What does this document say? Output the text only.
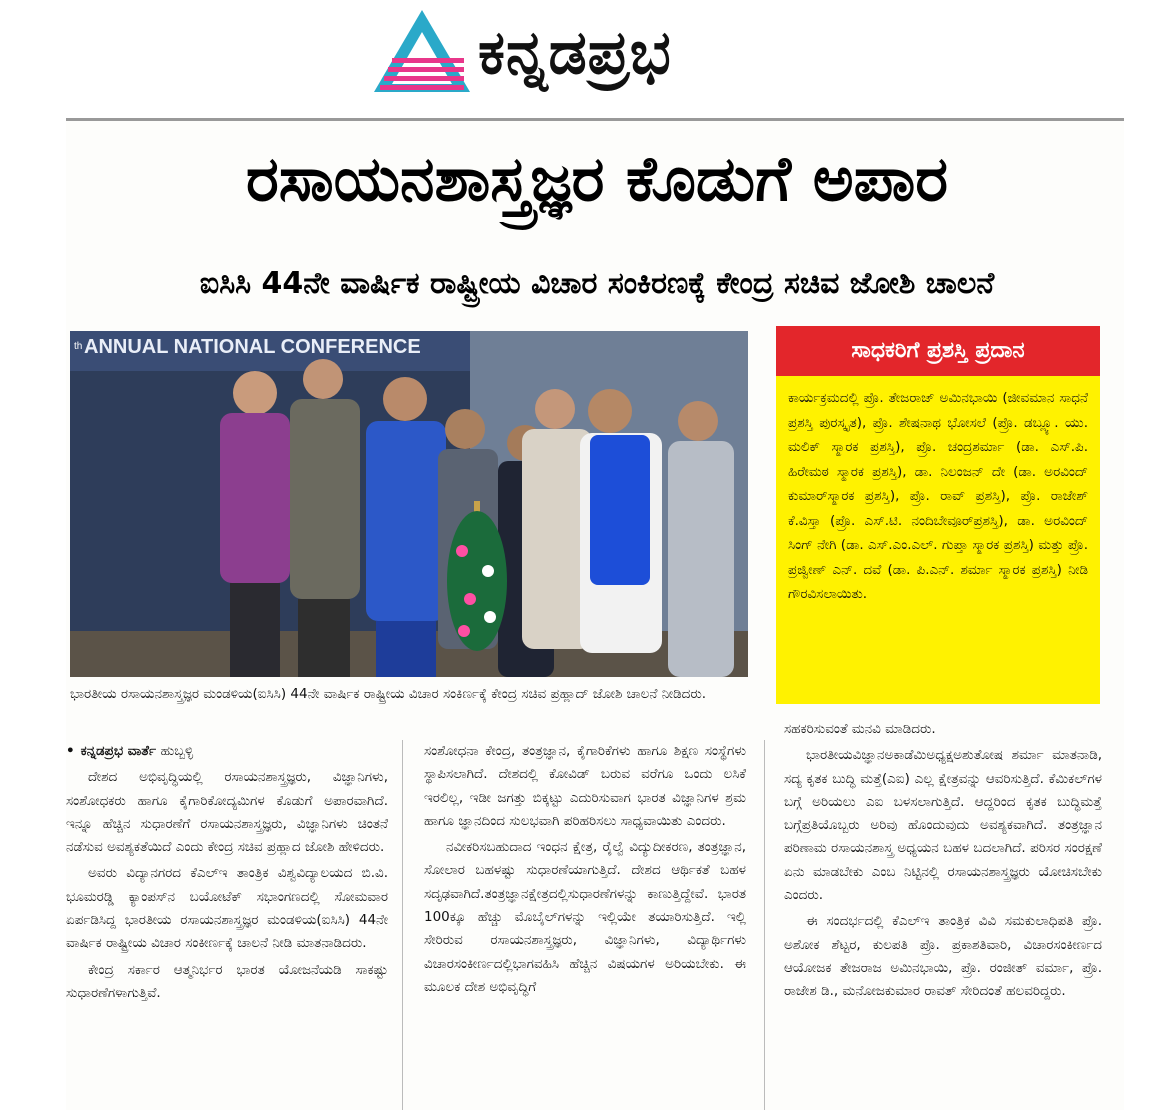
ಕನ್ನಡಪ್ರಭ
ರಸಾಯನಶಾಸ್ತ್ರಜ್ಞರ ಕೊಡುಗೆ ಅಪಾರ
ಐಸಿಸಿ 44ನೇ ವಾರ್ಷಿಕ ರಾಷ್ಟ್ರೀಯ ವಿಚಾರ ಸಂಕಿರಣಕ್ಕೆ ಕೇಂದ್ರ ಸಚಿವ ಜೋಶಿ ಚಾಲನೆ
th ANNUAL NATIONAL CONFERENCE
ಭಾರತೀಯ ರಸಾಯನಶಾಸ್ತ್ರಜ್ಞರ ಮಂಡಳಿಯ(ಐಸಿಸಿ) 44ನೇ ವಾರ್ಷಿಕ ರಾಷ್ಟ್ರೀಯ ವಿಚಾರ ಸಂಕಿರ್ಣಕ್ಕೆ ಕೇಂದ್ರ ಸಚಿವ ಪ್ರಹ್ಲಾದ್ ಜೋಶಿ ಚಾಲನೆ ನೀಡಿದರು.
ಸಾಧಕರಿಗೆ ಪ್ರಶಸ್ತಿ ಪ್ರದಾನ
ಕಾರ್ಯಕ್ರಮದಲ್ಲಿ ಪ್ರೊ. ತೇಜರಾಜ್ ಅಮಿನಭಾಯಿ (ಜೀವಮಾನ ಸಾಧನೆ ಪ್ರಶಸ್ತಿ ಪುರಸ್ಕೃತ), ಪ್ರೊ. ಶೇಷನಾಥ ಭೋಸಲೆ (ಪ್ರೊ. ಡಬ್ಲ್ಯೂ. ಯು. ಮಲಿಕ್ ಸ್ಮಾರಕ ಪ್ರಶಸ್ತಿ), ಪ್ರೊ. ಚಂದ್ರಶರ್ಮಾ (ಡಾ. ಎಸ್.ಪಿ. ಹಿರೇಮಠ ಸ್ಮಾರಕ ಪ್ರಶಸ್ತಿ), ಡಾ. ನಿಲಂಜನ್ ದೇ (ಡಾ. ಅರವಿಂದ್ ಕುಮಾರ್‌ಸ್ಮಾರಕ ಪ್ರಶಸ್ತಿ), ಪ್ರೊ. ರಾವ್ ಪ್ರಶಸ್ತಿ), ಪ್ರೊ. ರಾಜೇಶ್ ಕೆ.ವಿಸ್ತಾ (ಪ್ರೊ. ಎಸ್.ಟಿ. ನಂದಿಬೇವೂರ್‌ಪ್ರಶಸ್ತಿ), ಡಾ. ಅರವಿಂದ್ ಸಿಂಗ್ ನೇಗಿ (ಡಾ. ಎಸ್.ಎಂ.ಎಲ್. ಗುಪ್ತಾ ಸ್ಮಾರಕ ಪ್ರಶಸ್ತಿ) ಮತ್ತು ಪ್ರೊ. ಪ್ರಜ್ವೀಣ್ ಎನ್. ದವೆ (ಡಾ. ಪಿ.ಎನ್. ಶರ್ಮಾ ಸ್ಮಾರಕ ಪ್ರಶಸ್ತಿ) ನೀಡಿ ಗೌರವಿಸಲಾಯಿತು.

• ಕನ್ನಡಪ್ರಭ ವಾರ್ತೆ ಹುಬ್ಬಳ್ಳಿ

ದೇಶದ ಅಭಿವೃದ್ಧಿಯಲ್ಲಿ ರಸಾಯನಶಾಸ್ತ್ರಜ್ಞರು, ವಿಜ್ಞಾನಿಗಳು, ಸಂಶೋಧಕರು ಹಾಗೂ ಕೈಗಾರಿಕೋದ್ಯಮಿಗಳ ಕೊಡುಗೆ ಅಪಾರವಾಗಿದೆ. ಇನ್ನೂ ಹೆಚ್ಚಿನ ಸುಧಾರಣೆಗೆ ರಸಾಯನಶಾಸ್ತ್ರಜ್ಞರು, ವಿಜ್ಞಾನಿಗಳು ಚಿಂತನೆ ನಡೆಸುವ ಅವಶ್ಯಕತೆಯಿದೆ ಎಂದು ಕೇಂದ್ರ ಸಚಿವ ಪ್ರಹ್ಲಾದ ಜೋಶಿ ಹೇಳಿದರು.

ಅವರು ವಿದ್ಯಾನಗರದ ಕೆಎಲ್ಇ ತಾಂತ್ರಿಕ ವಿಶ್ವವಿದ್ಯಾಲಯದ ಬಿ.ವಿ. ಭೂಮರಡ್ಡಿ ಕ್ಯಾಂಪಸ್‌ನ ಬಯೋಟೆಕ್ ಸಭಾಂಗಣದಲ್ಲಿ ಸೋಮವಾರ ಏರ್ಪಡಿಸಿದ್ದ ಭಾರತೀಯ ರಸಾಯನಶಾಸ್ತ್ರಜ್ಞರ ಮಂಡಳಿಯ(ಐಸಿಸಿ) 44ನೇ ವಾರ್ಷಿಕ ರಾಷ್ಟ್ರೀಯ ವಿಚಾರ ಸಂಕೀರ್ಣಕ್ಕೆ ಚಾಲನೆ ನೀಡಿ ಮಾತನಾಡಿದರು.

ಕೇಂದ್ರ ಸರ್ಕಾರ ಆತ್ಮನಿರ್ಭರ ಭಾರತ ಯೋಜನೆಯಡಿ ಸಾಕಷ್ಟು ಸುಧಾರಣೆಗಳಾಗುತ್ತಿವೆ.

ಸಂಶೋಧನಾ ಕೇಂದ್ರ, ತಂತ್ರಜ್ಞಾನ, ಕೈಗಾರಿಕೆಗಳು ಹಾಗೂ ಶಿಕ್ಷಣ ಸಂಸ್ಥೆಗಳು ಸ್ಥಾಪಿಸಲಾಗಿದೆ. ದೇಶದಲ್ಲಿ ಕೋವಿಡ್ ಬರುವ ವರೆಗೂ ಒಂದು ಲಸಿಕೆ ಇರಲಿಲ್ಲ, ಇಡೀ ಜಗತ್ತು ಬಿಕ್ಕಟ್ಟು ಎದುರಿಸುವಾಗ ಭಾರತ ವಿಜ್ಞಾನಿಗಳ ಶ್ರಮ ಹಾಗೂ ಜ್ಞಾನದಿಂದ ಸುಲಭವಾಗಿ ಪರಿಹರಿಸಲು ಸಾಧ್ಯವಾಯಿತು ಎಂದರು.

ನವೀಕರಿಸಬಹುದಾದ ಇಂಧನ ಕ್ಷೇತ್ರ, ರೈಲ್ವೆ ವಿದ್ಯುದೀಕರಣ, ತಂತ್ರಜ್ಞಾನ, ಸೋಲಾರ ಬಹಳಷ್ಟು ಸುಧಾರಣೆಯಾಗುತ್ತಿದೆ. ದೇಶದ ಆರ್ಥಿಕತೆ ಬಹಳ ಸದೃಢವಾಗಿದೆ.ತಂತ್ರಜ್ಞಾನಕ್ಷೇತ್ರದಲ್ಲಿಸುಧಾರಣೆಗಳನ್ನು ಕಾಣುತ್ತಿದ್ದೇವೆ. ಭಾರತ 100ಕ್ಕೂ ಹೆಚ್ಚು ಮೊಬೈಲ್‌ಗಳನ್ನು ಇಲ್ಲಿಯೇ ತಯಾರಿಸುತ್ತಿದೆ. ಇಲ್ಲಿ ಸೇರಿರುವ ರಸಾಯನಶಾಸ್ತ್ರಜ್ಞರು, ವಿಜ್ಞಾನಿಗಳು, ವಿದ್ಯಾರ್ಥಿಗಳು ವಿಚಾರಸಂಕೀರ್ಣದಲ್ಲಿಭಾಗವಹಿಸಿ ಹೆಚ್ಚಿನ ವಿಷಯಗಳ ಅರಿಯಬೇಕು. ಈ ಮೂಲಕ ದೇಶ ಅಭಿವೃದ್ಧಿಗೆ

ಸಹಕರಿಸುವಂತೆ ಮನವಿ ಮಾಡಿದರು.

ಭಾರತೀಯವಿಜ್ಞಾನಅಕಾಡೆಮಿಅಧ್ಯಕ್ಷಅಶುತೋಷ ಶರ್ಮಾ ಮಾತನಾಡಿ, ಸದ್ಯ ಕೃತಕ ಬುದ್ಧಿ ಮತ್ತೆ(ಎಐ) ಎಲ್ಲ ಕ್ಷೇತ್ರವನ್ನು ಆವರಿಸುತ್ತಿದೆ. ಕೆಮಿಕಲ್‌ಗಳ ಬಗ್ಗೆ ಅರಿಯಲು ಎಐ ಬಳಸಲಾಗುತ್ತಿದೆ. ಆದ್ದರಿಂದ ಕೃತಕ ಬುದ್ಧಿಮತ್ತೆ ಬಗ್ಗೆಪ್ರತಿಯೊಬ್ಬರು ಅರಿವು ಹೊಂದುವುದು ಅವಶ್ಯಕವಾಗಿದೆ. ತಂತ್ರಜ್ಞಾನ ಪರಿಣಾಮ ರಸಾಯನಶಾಸ್ತ್ರ ಅಧ್ಯಯನ ಬಹಳ ಬದಲಾಗಿದೆ. ಪರಿಸರ ಸಂರಕ್ಷಣೆ ಏನು ಮಾಡಬೇಕು ಎಂಬ ನಿಟ್ಟಿನಲ್ಲಿ ರಸಾಯನಶಾಸ್ತ್ರಜ್ಞರು ಯೋಚಿಸಬೇಕು ಎಂದರು.

ಈ ಸಂದರ್ಭದಲ್ಲಿ ಕೆಎಲ್ಇ ತಾಂತ್ರಿಕ ವಿವಿ ಸಮಕುಲಾಧಿಪತಿ ಪ್ರೊ. ಅಶೋಕ ಶೆಟ್ಟರ, ಕುಲಪತಿ ಪ್ರೊ. ಪ್ರಕಾಶತಿವಾರಿ, ವಿಚಾರಸಂಕೀರ್ಣದ ಆಯೋಜಕ ತೇಜರಾಜ ಅಮಿನಭಾಯಿ, ಪ್ರೊ. ರಂಜೀತ್ ವರ್ಮಾ, ಪ್ರೊ. ರಾಜೇಶ ಡಿ., ಮನೋಜಕುಮಾರ ರಾವತ್ ಸೇರಿದಂತೆ ಹಲವರಿದ್ದರು.
